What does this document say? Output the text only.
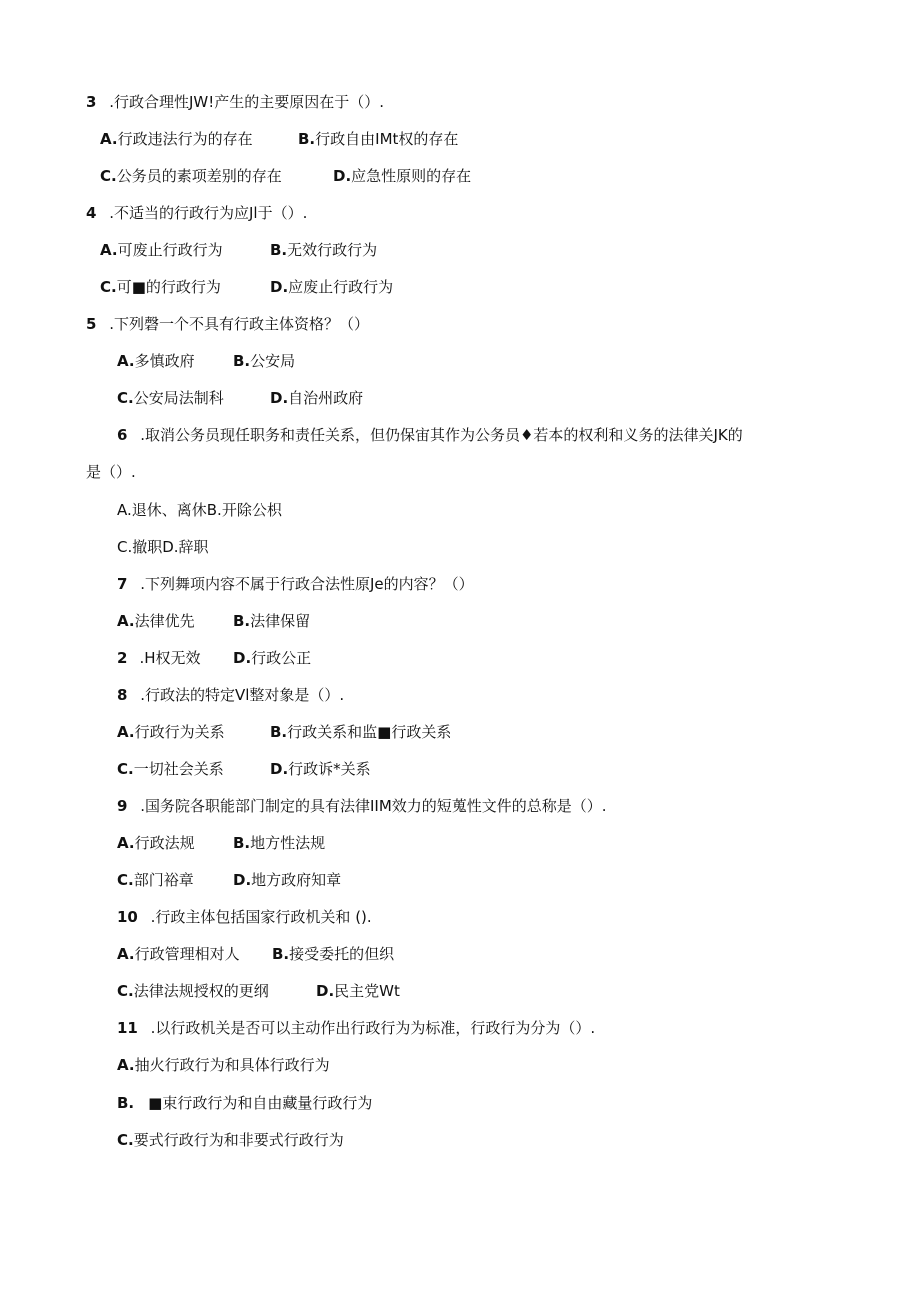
3 .行政合理性JW!产生的主要原因在于（）.
A.行政违法行为的存在	B.行政自由IMt权的存在
C.公务员的素项差别的存在	D.应急性原则的存在
4 .不适当的行政行为应Jl于（）.
A.可废止行政行为	B.无效行政行为
C.可■的行政行为	D.应废止行政行为
5 .下列磬一个不具有行政主体资格？（）
A.多慎政府	B.公安局
C.公安局法制科	D.自治州政府
6 .取消公务员现任职务和责任关系，但仍保宙其作为公务员♦若本的权利和义务的法律关JK的
是（）.
A.退休、离休B.开除公枳
C.撤职D.辞职
7 .下列舞项内容不属于行政合法性原Je的内容？（）
A.法律优先	B.法律保留
2 .H权无效 D.行政公正
8 .行政法的特定Vl整对象是（）.
A.行政行为关系	B.行政关系和监■行政关系
C.一切社会关系	D.行政诉*关系
9 .国务院各职能部门制定的具有法律IIM效力的短蒐性文件的总称是（）.
A.行政法规	B.地方性法规
C.部门裕章	D.地方政府知章
10 .行政主体包括国家行政机关和 ().
A.行政管理相对人 B.接受委托的但织
C.法律法规授权的更纲	D.民主党Wt
11 .以行政机关是否可以主动作出行政行为为标准，行政行为分为（）.
A.抽火行政行为和具体行政行为
B. ■束行政行为和自由藏量行政行为
C.要式行政行为和非要式行政行为
